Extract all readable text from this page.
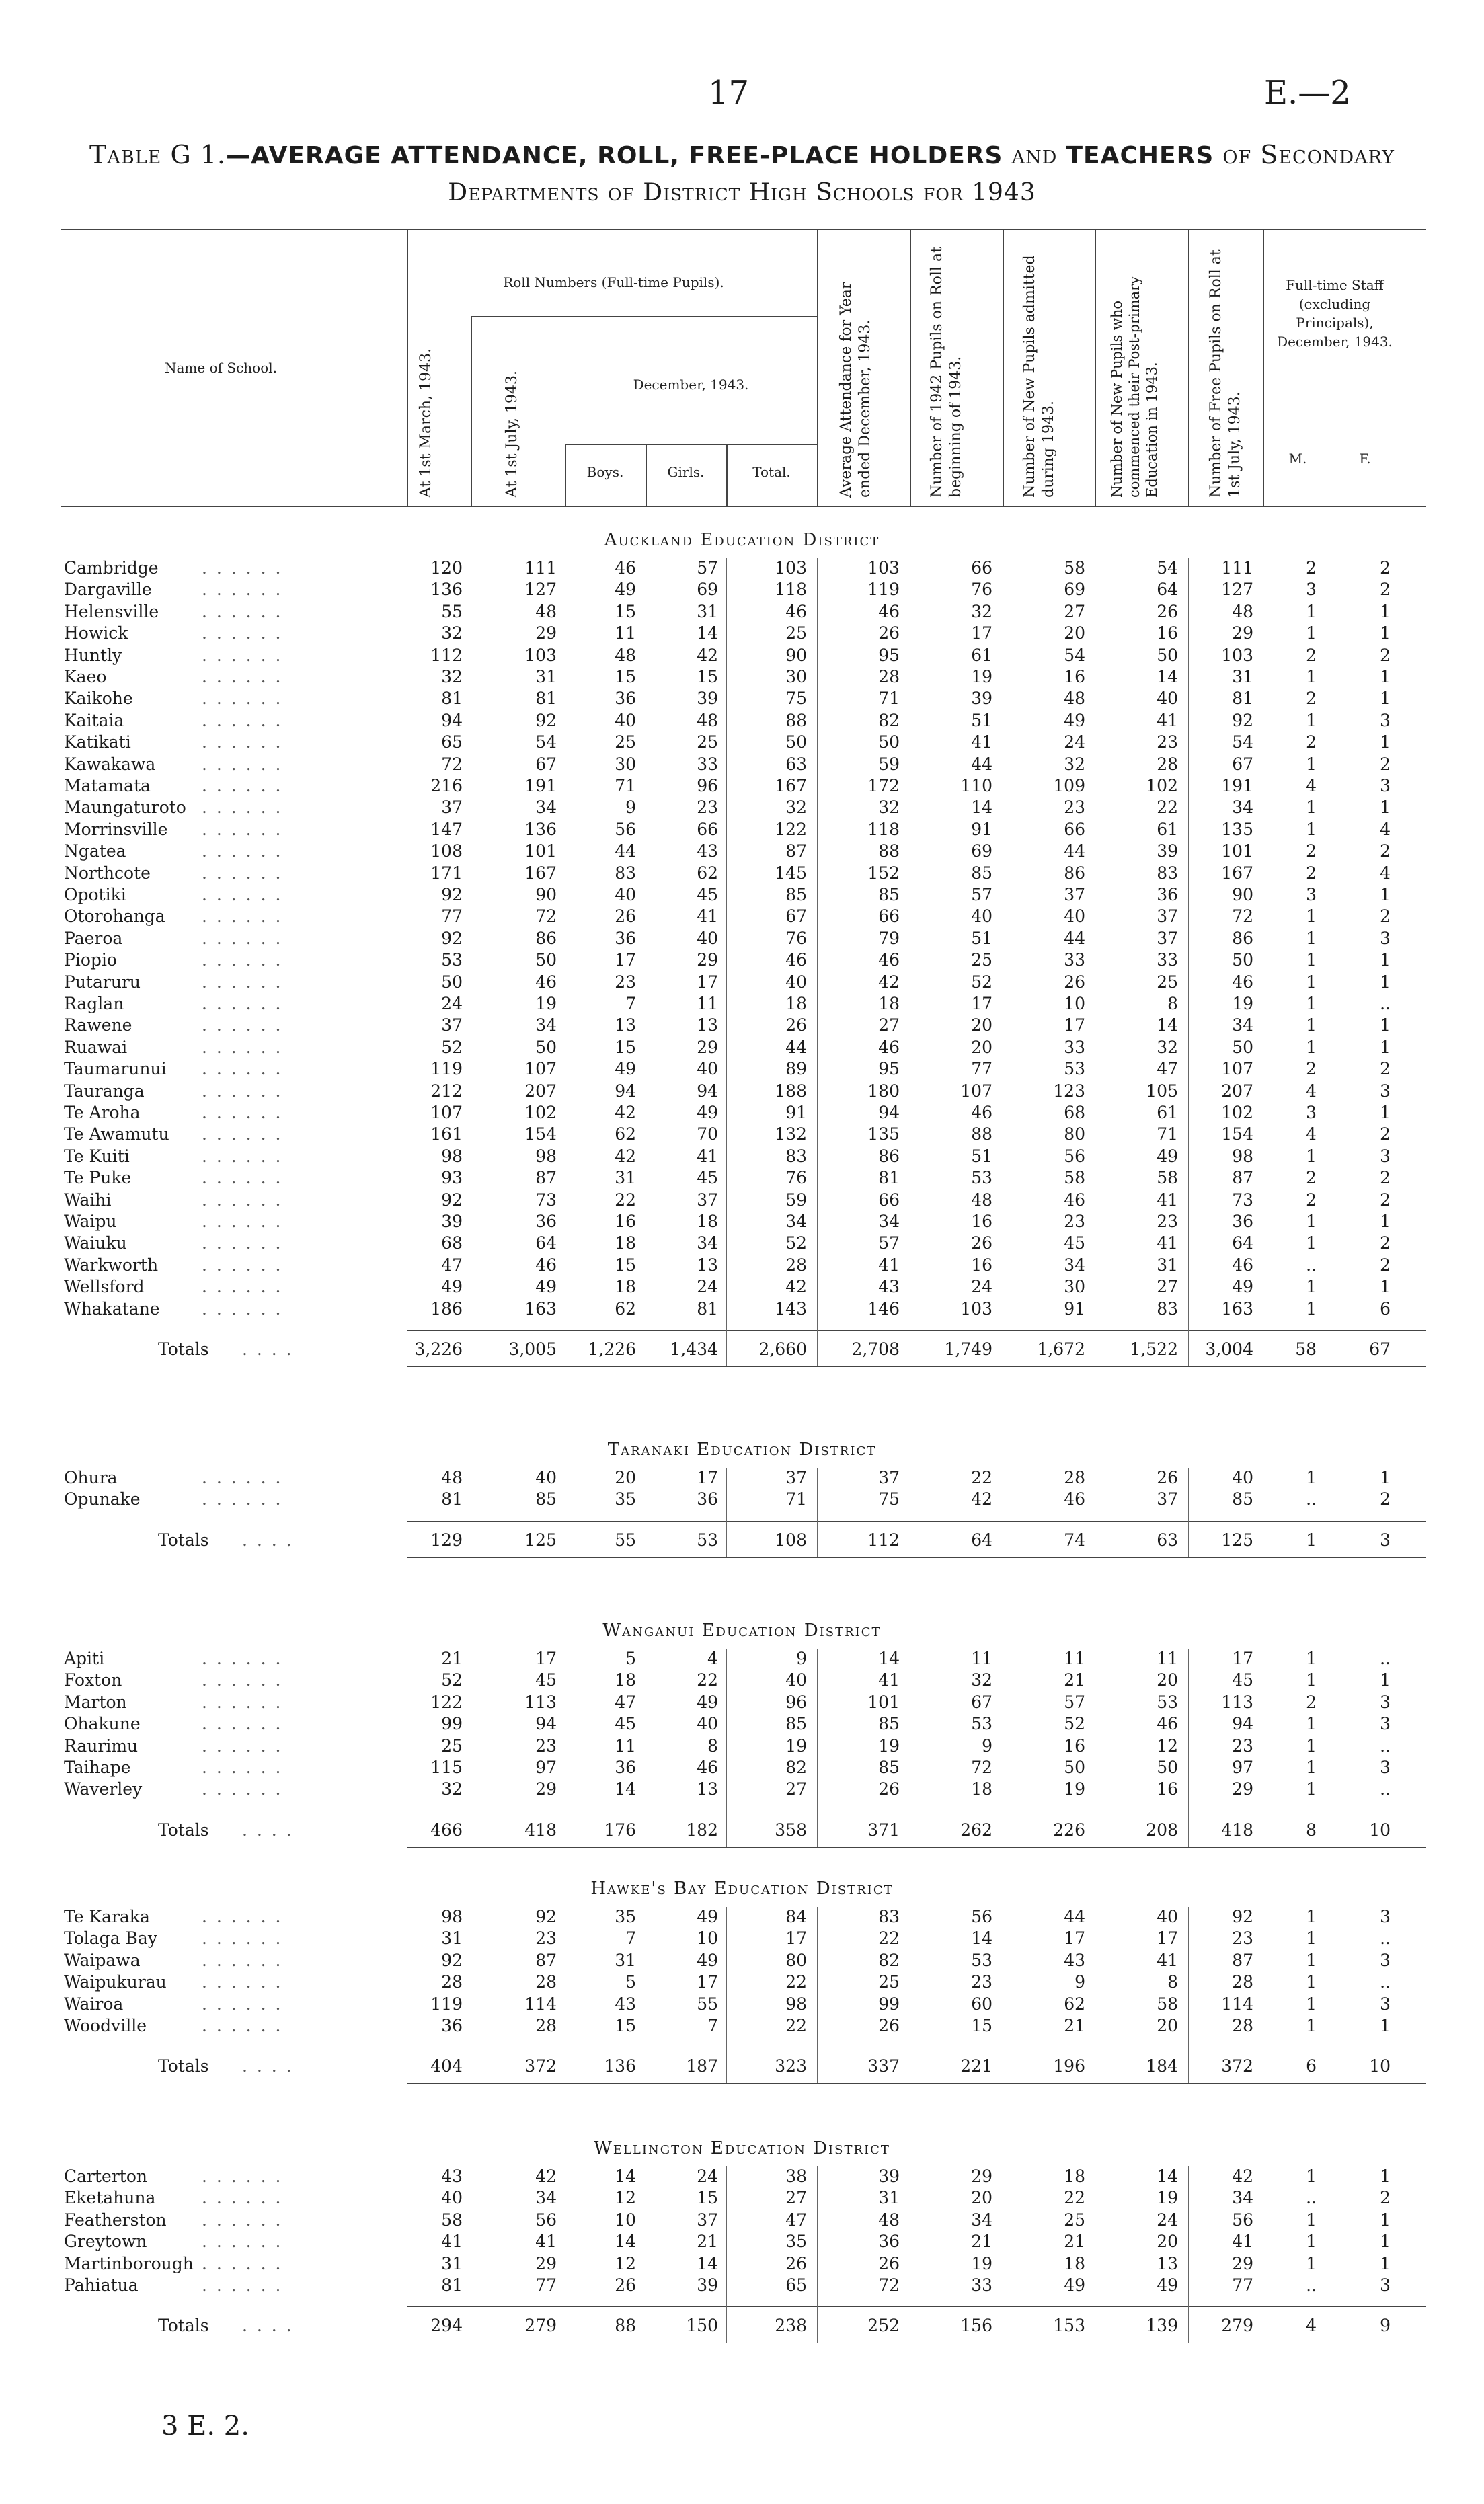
17	E.—2
Table G 1.—AVERAGE ATTENDANCE, ROLL, FREE-PLACE HOLDERS and TEACHERS of Secondary
Departments of District High Schools for 1943
Name of School.
Roll Numbers (Full-time Pupils).
December, 1943.
Boys.	Girls.	Total.
Full-time Staff (excluding Principals), December, 1943.
M.	F.
At 1st March, 1943.	At 1st July, 1943.	Average Attendance for Year ended December, 1943.	Number of 1942 Pupils on Roll at beginning of 1943.	Number of New Pupils admitted during 1943.	Number of New Pupils who commenced their Post-primary Education in 1943.	Number of Free Pupils on Roll at 1st July, 1943.
Auckland Education District
Cambridge	. . . . . .	120	111	46	57	103	103	66	58	54	111	2	2
Dargaville	. . . . . .	136	127	49	69	118	119	76	69	64	127	3	2
Helensville	. . . . . .	55	48	15	31	46	46	32	27	26	48	1	1
Howick	. . . . . .	32	29	11	14	25	26	17	20	16	29	1	1
Huntly	. . . . . .	112	103	48	42	90	95	61	54	50	103	2	2
Kaeo	. . . . . .	32	31	15	15	30	28	19	16	14	31	1	1
Kaikohe	. . . . . .	81	81	36	39	75	71	39	48	40	81	2	1
Kaitaia	. . . . . .	94	92	40	48	88	82	51	49	41	92	1	3
Katikati	. . . . . .	65	54	25	25	50	50	41	24	23	54	2	1
Kawakawa	. . . . . .	72	67	30	33	63	59	44	32	28	67	1	2
Matamata	. . . . . .	216	191	71	96	167	172	110	109	102	191	4	3
Maungaturoto . . . . . .	37	34	9	23	32	32	14	23	22	34	1	1
Morrinsville . . . . . .	147	136	56	66	122	118	91	66	61	135	1	4
Ngatea	. . . . . .	108	101	44	43	87	88	69	44	39	101	2	2
Northcote	. . . . . .	171	167	83	62	145	152	85	86	83	167	2	4
Opotiki	. . . . . .	92	90	40	45	85	85	57	37	36	90	3	1
Otorohanga . . . . . .	77	72	26	41	67	66	40	40	37	72	1	2
Paeroa	. . . . . .	92	86	36	40	76	79	51	44	37	86	1	3
Piopio	. . . . . .	53	50	17	29	46	46	25	33	33	50	1	1
Putaruru	. . . . . .	50	46	23	17	40	42	52	26	25	46	1	1
Raglan	. . . . . .	24	19	7	11	18	18	17	10	8	19	1	..
Rawene	. . . . . .	37	34	13	13	26	27	20	17	14	34	1	1
Ruawai	. . . . . .	52	50	15	29	44	46	20	33	32	50	1	1
Taumarunui . . . . . .	119	107	49	40	89	95	77	53	47	107	2	2
Tauranga	. . . . . .	212	207	94	94	188	180	107	123	105	207	4	3
Te Aroha	. . . . . .	107	102	42	49	91	94	46	68	61	102	3	1
Te Awamutu . . . . . .	161	154	62	70	132	135	88	80	71	154	4	2
Te Kuiti	. . . . . .	98	98	42	41	83	86	51	56	49	98	1	3
Te Puke	. . . . . .	93	87	31	45	76	81	53	58	58	87	2	2
Waihi	. . . . . .	92	73	22	37	59	66	48	46	41	73	2	2
Waipu	. . . . . .	39	36	16	18	34	34	16	23	23	36	1	1
Waiuku	. . . . . .	68	64	18	34	52	57	26	45	41	64	1	2
Warkworth	. . . . . .	47	46	15	13	28	41	16	34	31	46	..	2
Wellsford	. . . . . .	49	49	18	24	42	43	24	30	27	49	1	1
Whakatane . . . . . .	186	163	62	81	143	146	103	91	83	163	1	6
Totals . . . .	3,226	3,005 1,226 1,434 2,660	2,708	1,749	1,672	1,522 3,004 58	67
Taranaki Education District
Ohura	. . . . . .	48	40	20	17	37	37	22	28	26	40	1	1
Opunake	. . . . . .	81	85	35	36	71	75	42	46	37	85	..	2
Totals . . . .	129	125	55	53	108	112	64	74	63	125	1	3
Wanganui Education District
Apiti	. . . . . .	21	17	5	4	9	14	11	11	11	17	1	..
Foxton	. . . . . .	52	45	18	22	40	41	32	21	20	45	1	1
Marton	. . . . . .	122	113	47	49	96	101	67	57	53	113	2	3
Ohakune	. . . . . .	99	94	45	40	85	85	53	52	46	94	1	3
Raurimu	. . . . . .	25	23	11	8	19	19	9	16	12	23	1	..
Taihape	. . . . . .	115	97	36	46	82	85	72	50	50	97	1	3
Waverley	. . . . . .	32	29	14	13	27	26	18	19	16	29	1	..
Totals . . . .	466	418	176	182	358	371	262	226	208	418	8	10
Hawke's Bay Education District
Te Karaka	. . . . . .	98	92	35	49	84	83	56	44	40	92	1	3
Tolaga Bay	. . . . . .	31	23	7	10	17	22	14	17	17	23	1	..
Waipawa	. . . . . .	92	87	31	49	80	82	53	43	41	87	1	3
Waipukurau . . . . . .	28	28	5	17	22	25	23	9	8	28	1	..
Wairoa	. . . . . .	119	114	43	55	98	99	60	62	58	114	1	3
Woodville	. . . . . .	36	28	15	7	22	26	15	21	20	28	1	1
Totals . . . .	404	372	136	187	323	337	221	196	184	372	6	10
Wellington Education District
Carterton	. . . . . .	43	42	14	24	38	39	29	18	14	42	1	1
Eketahuna	. . . . . .	40	34	12	15	27	31	20	22	19	34	..	2
Featherston . . . . . .	58	56	10	37	47	48	34	25	24	56	1	1
Greytown	. . . . . .	41	41	14	21	35	36	21	21	20	41	1	1
Martinborough . . . . . .	31	29	12	14	26	26	19	18	13	29	1	1
Pahiatua	. . . . . .	81	77	26	39	65	72	33	49	49	77	..	3
Totals . . . .	294	279	88	150	238	252	156	153	139	279	4	9
3 E. 2.
